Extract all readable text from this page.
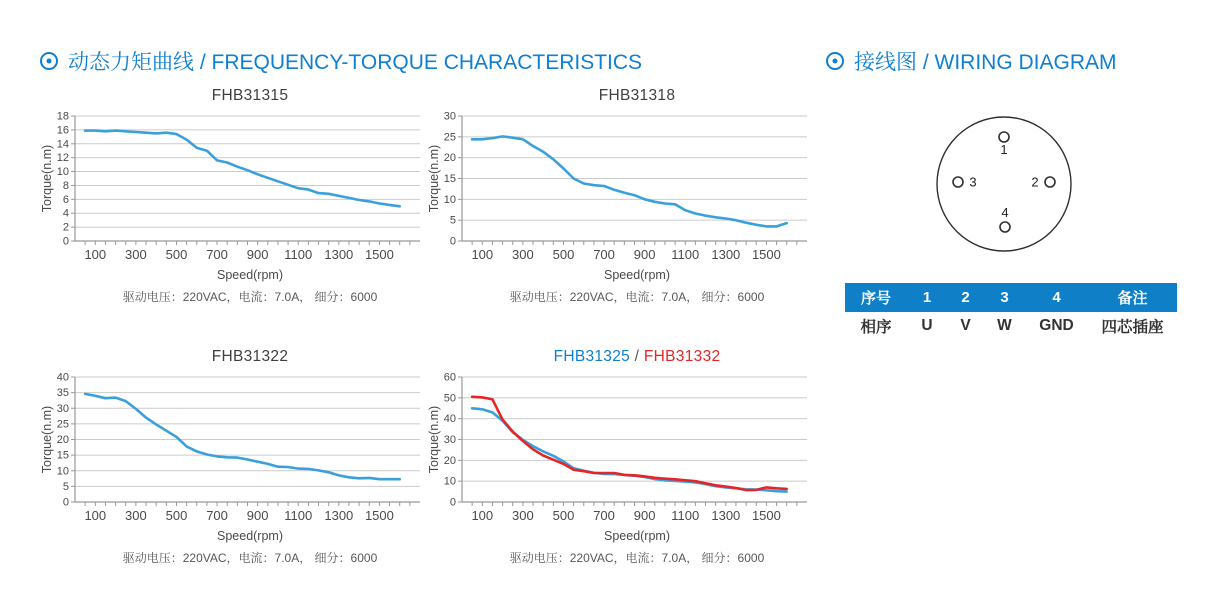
动态力矩曲线 / FREQUENCY-TORQUE CHARACTERISTICS
FHB31315
18
16
14
12
10
8
6
4
2
0
100 300 500 700 900 1100 1300 1500
Torque(n.m)
Speed(rpm)
驱动电压：220VAC，电流：7.0A， 细分：6000
FHB31318
30
25
20
15
10
5
0
100 300 500 700 900 1100 1300 1500
Torque(n.m)
Speed(rpm)
驱动电压：220VAC，电流：7.0A， 细分：6000
FHB31322
40
35
30
25
20
15
10
5
0
100 300 500 700 900 1100 1300 1500
Torque(n.m)
Speed(rpm)
驱动电压：220VAC，电流：7.0A， 细分：6000
FHB31325 / FHB31332
60
50
40
30
20
10
0
100 300 500 700 900 1100 1300 1500
Torque(n.m)
Speed(rpm)
驱动电压：220VAC，电流：7.0A， 细分：6000
接线图 / WIRING DIAGRAM
1
2
3
4
序号	1	2	3	4	备注
相序	U	V	W	GND	四芯插座
